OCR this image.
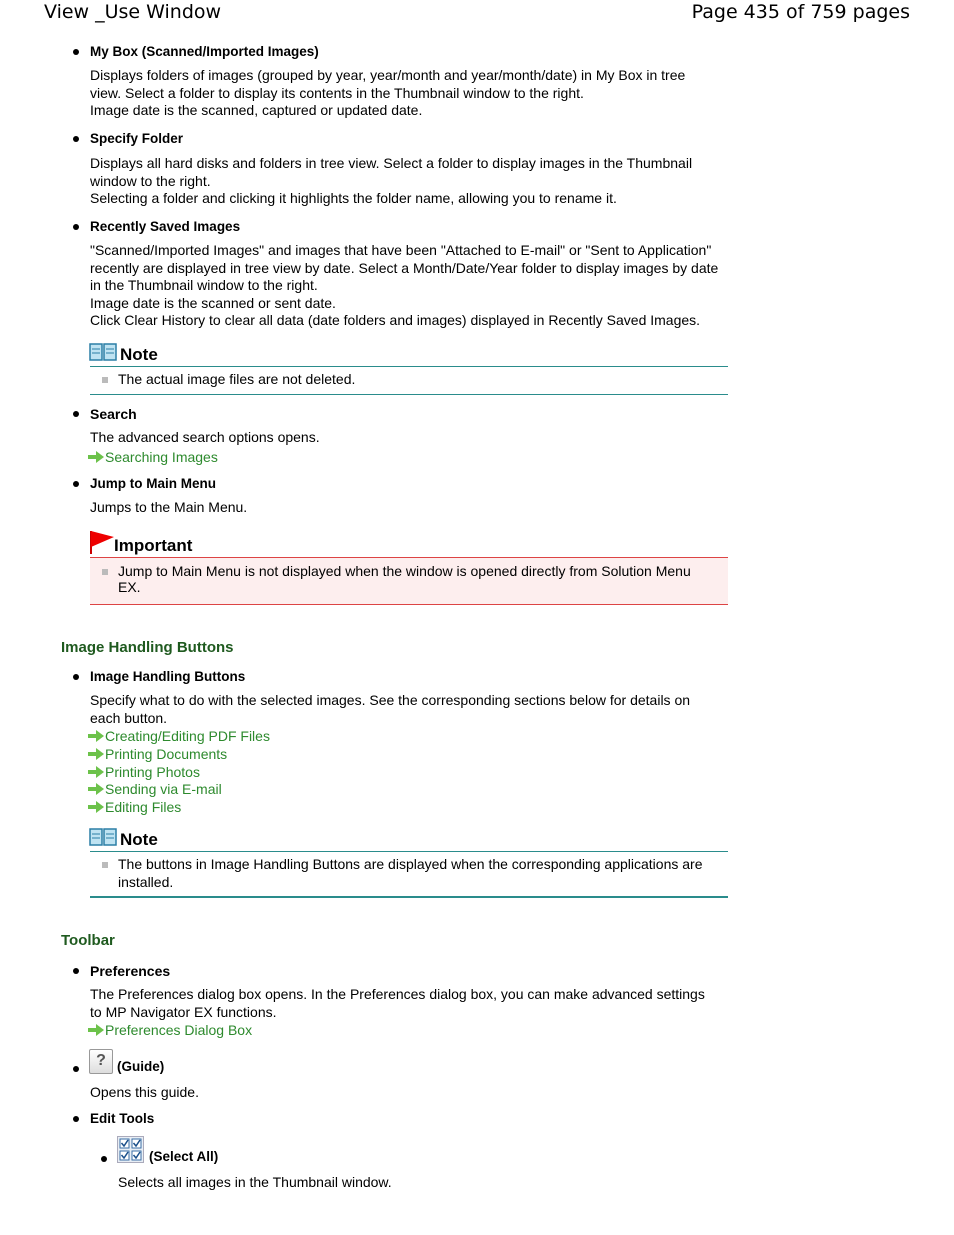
View _Use Window	Page 435 of 759 pages
My Box (Scanned/Imported Images)
Displays folders of images (grouped by year, year/month and year/month/date) in My Box in tree
view. Select a folder to display its contents in the Thumbnail window to the right.
Image date is the scanned, captured or updated date.
Specify Folder
Displays all hard disks and folders in tree view. Select a folder to display images in the Thumbnail
window to the right.
Selecting a folder and clicking it highlights the folder name, allowing you to rename it.
Recently Saved Images
"Scanned/Imported Images" and images that have been "Attached to E-mail" or "Sent to Application"
recently are displayed in tree view by date. Select a Month/Date/Year folder to display images by date
in the Thumbnail window to the right.
Image date is the scanned or sent date.
Click Clear History to clear all data (date folders and images) displayed in Recently Saved Images.
Note
The actual image files are not deleted.
Search
The advanced search options opens.
Searching Images
Jump to Main Menu
Jumps to the Main Menu.
Important
Jump to Main Menu is not displayed when the window is opened directly from Solution Menu
EX.
Image Handling Buttons
Image Handling Buttons
Specify what to do with the selected images. See the corresponding sections below for details on
each button.
Creating/Editing PDF Files
Printing Documents
Printing Photos
Sending via E-mail
Editing Files
Note
The buttons in Image Handling Buttons are displayed when the corresponding applications are
installed.
Toolbar
Preferences
The Preferences dialog box opens. In the Preferences dialog box, you can make advanced settings
to MP Navigator EX functions.
Preferences Dialog Box
? (Guide)
Opens this guide.
Edit Tools
(Select All)
Selects all images in the Thumbnail window.
